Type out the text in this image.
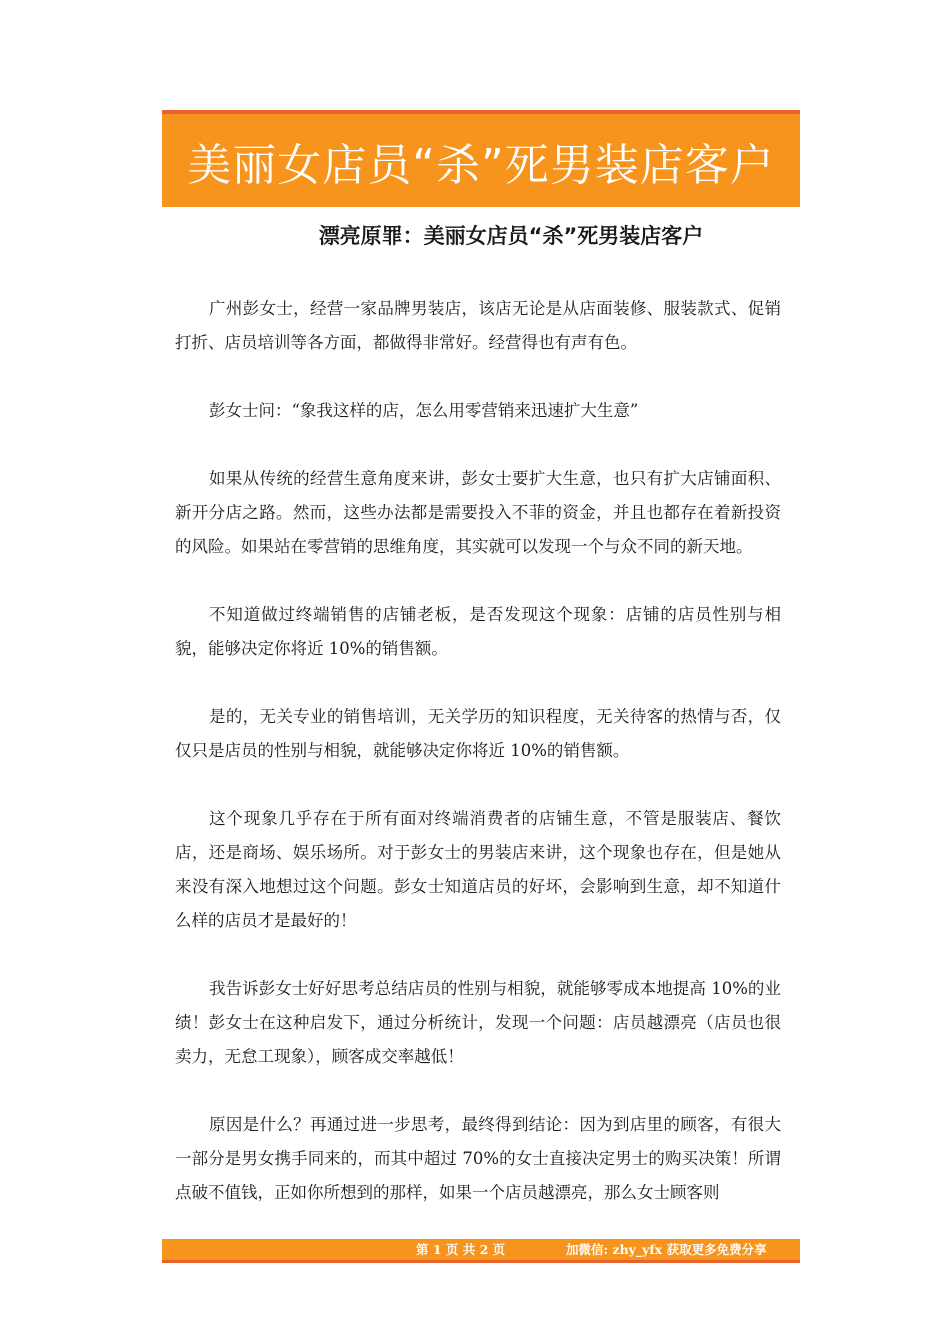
美丽女店员“杀”死男装店客户
漂亮原罪：美丽女店员“杀”死男装店客户

广州彭女士，经营一家品牌男装店，该店无论是从店面装修、服装款式、促销打折、店员培训等各方面，都做得非常好。经营得也有声有色。

彭女士问：“象我这样的店，怎么用零营销来迅速扩大生意”

如果从传统的经营生意角度来讲，彭女士要扩大生意，也只有扩大店铺面积、新开分店之路。然而，这些办法都是需要投入不菲的资金，并且也都存在着新投资的风险。如果站在零营销的思维角度，其实就可以发现一个与众不同的新天地。

不知道做过终端销售的店铺老板，是否发现这个现象：店铺的店员性别与相貌，能够决定你将近 10%的销售额。

是的，无关专业的销售培训，无关学历的知识程度，无关待客的热情与否，仅仅只是店员的性别与相貌，就能够决定你将近 10%的销售额。

这个现象几乎存在于所有面对终端消费者的店铺生意，不管是服装店、餐饮店，还是商场、娱乐场所。对于彭女士的男装店来讲，这个现象也存在，但是她从来没有深入地想过这个问题。彭女士知道店员的好坏，会影响到生意，却不知道什么样的店员才是最好的！

我告诉彭女士好好思考总结店员的性别与相貌，就能够零成本地提高 10%的业绩！彭女士在这种启发下，通过分析统计，发现一个问题：店员越漂亮（店员也很卖力，无怠工现象），顾客成交率越低！

原因是什么？再通过进一步思考，最终得到结论：因为到店里的顾客，有很大一部分是男女携手同来的，而其中超过 70%的女士直接决定男士的购买决策！所谓点破不值钱，正如你所想到的那样，如果一个店员越漂亮，那么女士顾客则

第 1 页 共 2 页	加微信: zhy_yfx 获取更多免费分享
